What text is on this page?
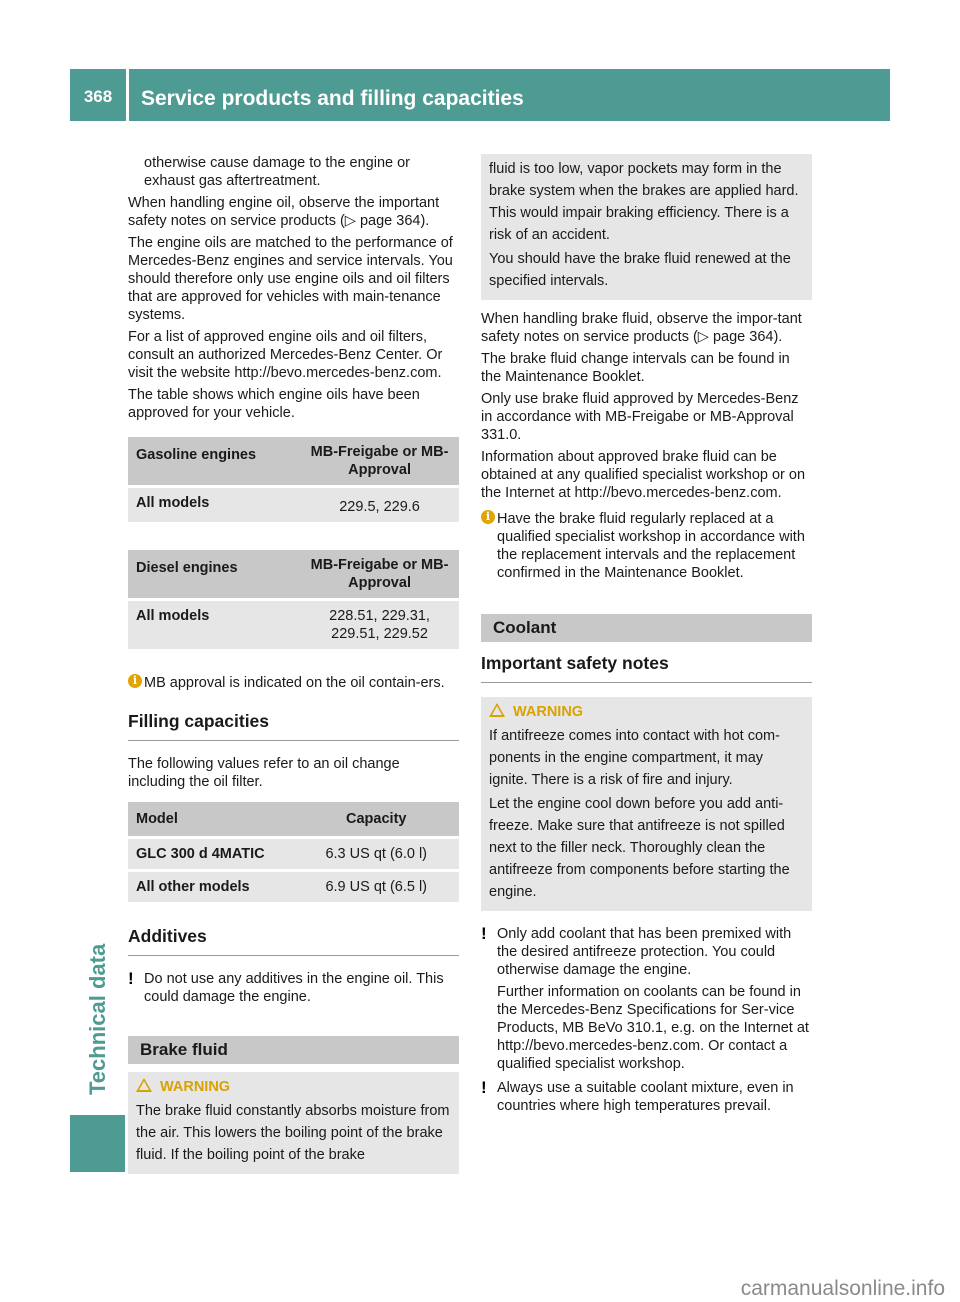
368	Service products and filling capacities
Technical data

otherwise cause damage to the engine or exhaust gas aftertreatment.

When handling engine oil, observe the important safety notes on service products (▷ page 364).

The engine oils are matched to the performance of Mercedes-Benz engines and service intervals. You should therefore only use engine oils and oil filters that are approved for vehicles with main-tenance systems.

For a list of approved engine oils and oil filters, consult an authorized Mercedes-Benz Center. Or visit the website http://bevo.mercedes-benz.com.

The table shows which engine oils have been approved for your vehicle.

Gasoline engines	MB-Freigabe or MB-Approval
All models	229.5, 229.6
Diesel engines	MB-Freigabe or MB-Approval
All models	228.51, 229.31, 229.51, 229.52
i MB approval is indicated on the oil contain-ers.
Filling capacities

The following values refer to an oil change including the oil filter.

Model	Capacity
GLC 300 d 4MATIC	6.3 US qt (6.0 l)
All other models	6.9 US qt (6.5 l)
Additives
! Do not use any additives in the engine oil. This could damage the engine.
Brake fluid
WARNING

The brake fluid constantly absorbs moisture from the air. This lowers the boiling point of the brake fluid. If the boiling point of the brake

fluid is too low, vapor pockets may form in the brake system when the brakes are applied hard. This would impair braking efficiency. There is a risk of an accident.

You should have the brake fluid renewed at the specified intervals.

When handling brake fluid, observe the impor-tant safety notes on service products (▷ page 364).

The brake fluid change intervals can be found in the Maintenance Booklet.

Only use brake fluid approved by Mercedes-Benz in accordance with MB-Freigabe or MB-Approval 331.0.

Information about approved brake fluid can be obtained at any qualified specialist workshop or on the Internet at http://bevo.mercedes-benz.com.

i Have the brake fluid regularly replaced at a qualified specialist workshop in accordance with the replacement intervals and the replacement confirmed in the Maintenance Booklet.
Coolant
Important safety notes
WARNING

If antifreeze comes into contact with hot com-ponents in the engine compartment, it may ignite. There is a risk of fire and injury.

Let the engine cool down before you add anti-freeze. Make sure that antifreeze is not spilled next to the filler neck. Thoroughly clean the antifreeze from components before starting the engine.

! Only add coolant that has been premixed with the desired antifreeze protection. You could otherwise damage the engine.

Further information on coolants can be found in the Mercedes-Benz Specifications for Ser-vice Products, MB BeVo 310.1, e.g. on the Internet at http://bevo.mercedes-benz.com. Or contact a qualified specialist workshop.

! Always use a suitable coolant mixture, even in countries where high temperatures prevail.
carmanualsonline.info
